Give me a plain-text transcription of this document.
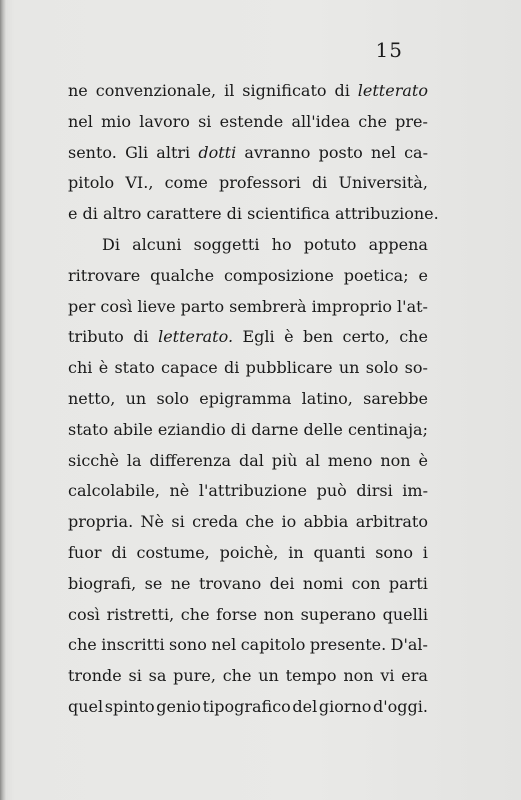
15
ne convenzionale, il significato di letterato
nel mio lavoro si estende all'idea che pre-
sento. Gli altri dotti avranno posto nel ca-
pitolo VI., come professori di Università,
e di altro carattere di scientifica attribuzione.
Di alcuni soggetti ho potuto appena
ritrovare qualche composizione poetica; e
per così lieve parto sembrerà improprio l'at-
tributo di letterato. Egli è ben certo, che
chi è stato capace di pubblicare un solo so-
netto, un solo epigramma latino, sarebbe
stato abile eziandio di darne delle centinaja;
sicchè la differenza dal più al meno non è
calcolabile, nè l'attribuzione può dirsi im-
propria. Nè si creda che io abbia arbitrato
fuor di costume, poichè, in quanti sono i
biografi, se ne trovano dei nomi con parti
così ristretti, che forse non superano quelli
che inscritti sono nel capitolo presente. D'al-
tronde si sa pure, che un tempo non vi era
quel spinto genio tipografico del giorno d'oggi.
